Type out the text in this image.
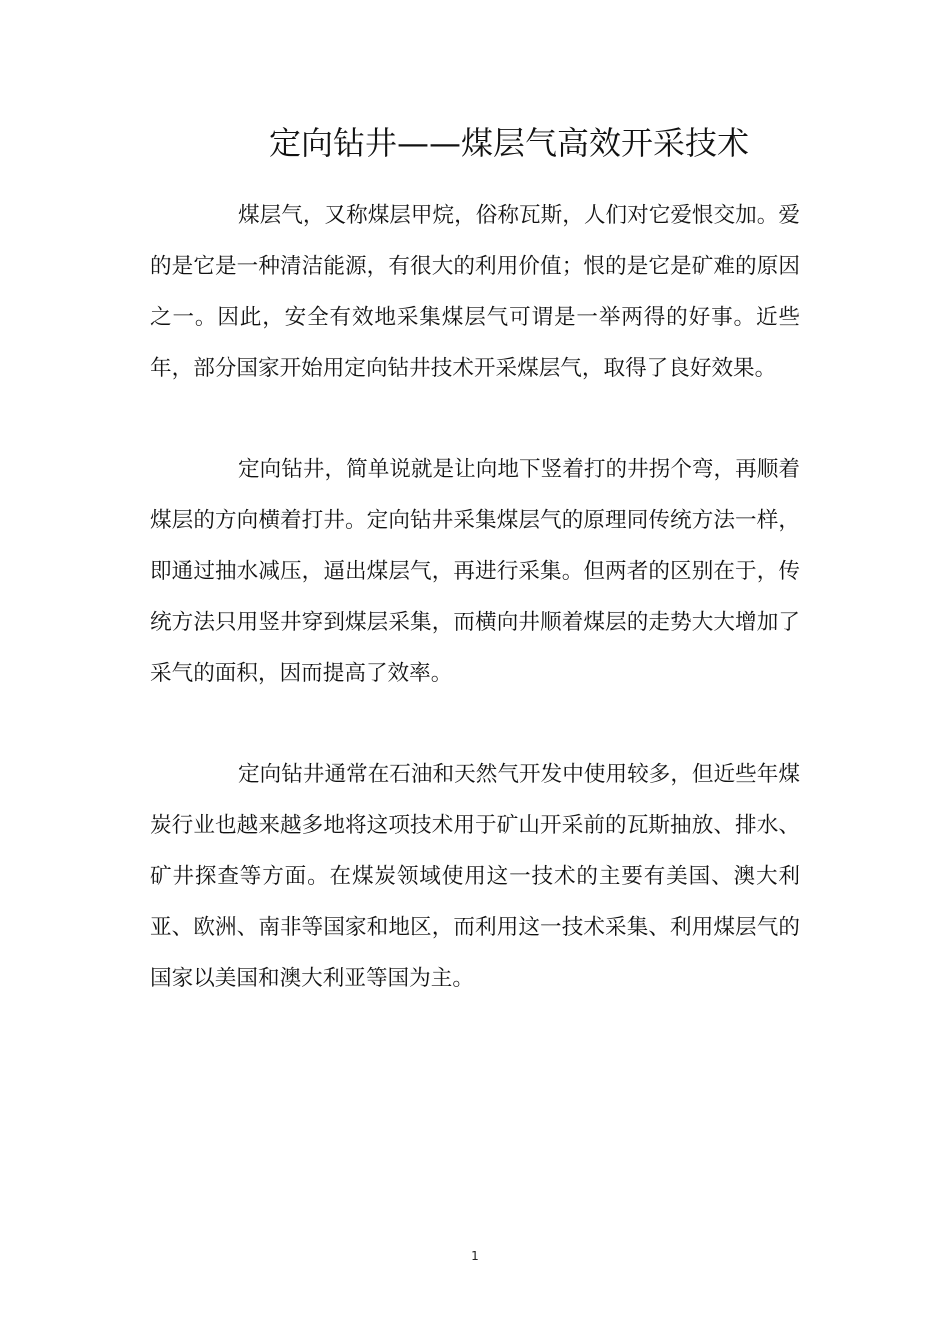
定向钻井——煤层气高效开采技术

煤层气，又称煤层甲烷，俗称瓦斯，人们对它爱恨交加。爱的是它是一种清洁能源，有很大的利用价值；恨的是它是矿难的原因之一。因此，安全有效地采集煤层气可谓是一举两得的好事。近些年，部分国家开始用定向钻井技术开采煤层气，取得了良好效果。

定向钻井，简单说就是让向地下竖着打的井拐个弯，再顺着煤层的方向横着打井。定向钻井采集煤层气的原理同传统方法一样，即通过抽水减压，逼出煤层气，再进行采集。但两者的区别在于，传统方法只用竖井穿到煤层采集，而横向井顺着煤层的走势大大增加了采气的面积，因而提高了效率。

定向钻井通常在石油和天然气开发中使用较多，但近些年煤炭行业也越来越多地将这项技术用于矿山开采前的瓦斯抽放、排水、矿井探查等方面。在煤炭领域使用这一技术的主要有美国、澳大利亚、欧洲、南非等国家和地区，而利用这一技术采集、利用煤层气的国家以美国和澳大利亚等国为主。

1
